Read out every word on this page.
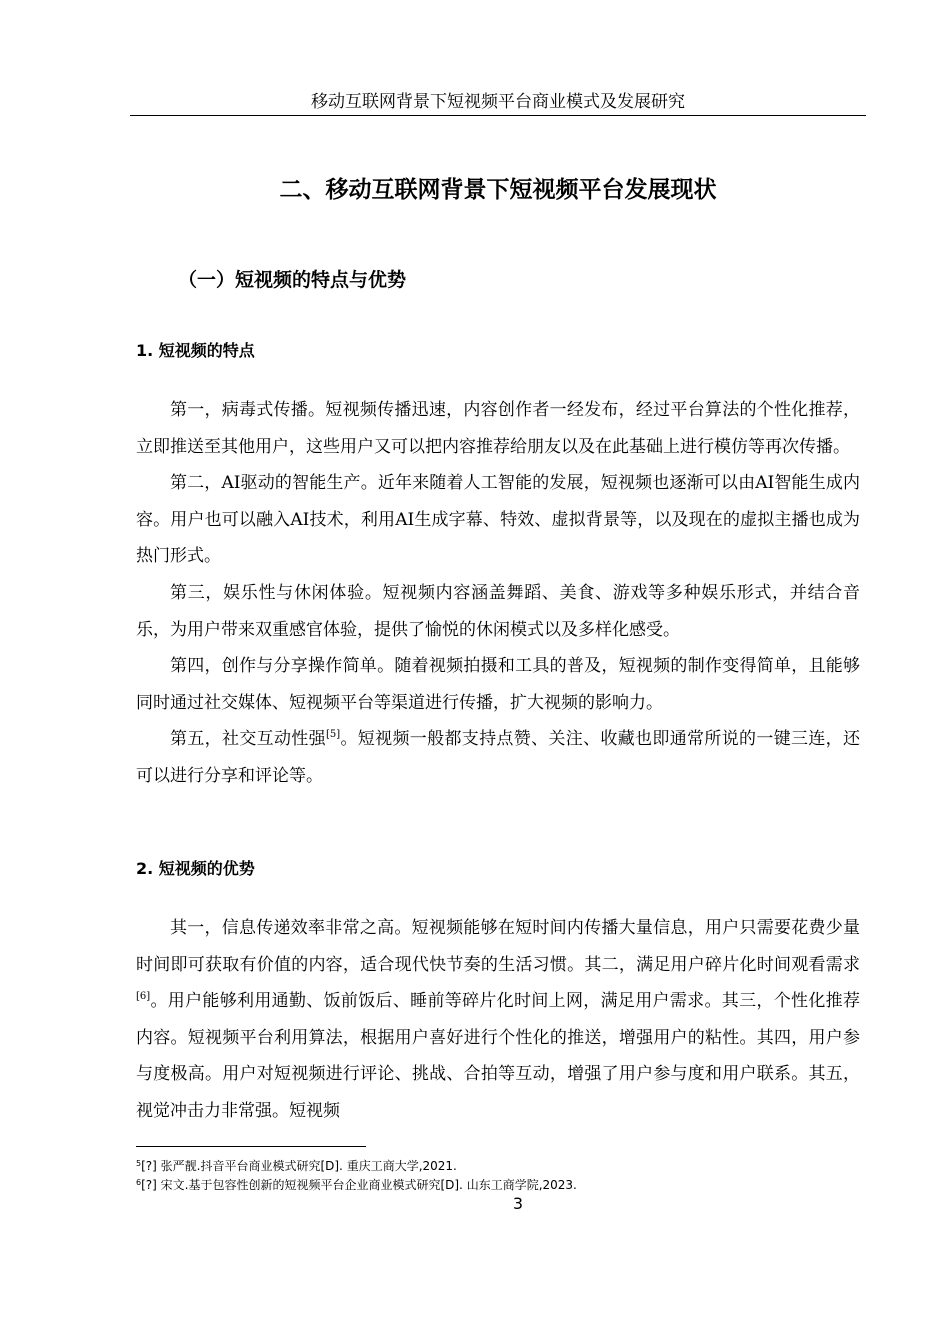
移动互联网背景下短视频平台商业模式及发展研究
二、移动互联网背景下短视频平台发展现状
（一）短视频的特点与优势
1. 短视频的特点

第一，病毒式传播。短视频传播迅速，内容创作者一经发布，经过平台算法的个性化推荐，立即推送至其他用户，这些用户又可以把内容推荐给朋友以及在此基础上进行模仿等再次传播。

第二，AI驱动的智能生产。近年来随着人工智能的发展，短视频也逐渐可以由AI智能生成内容。用户也可以融入AI技术，利用AI生成字幕、特效、虚拟背景等，以及现在的虚拟主播也成为热门形式。

第三，娱乐性与休闲体验。短视频内容涵盖舞蹈、美食、游戏等多种娱乐形式，并结合音乐，为用户带来双重感官体验，提供了愉悦的休闲模式以及多样化感受。

第四，创作与分享操作简单。随着视频拍摄和工具的普及，短视频的制作变得简单，且能够同时通过社交媒体、短视频平台等渠道进行传播，扩大视频的影响力。

第五，社交互动性强[5]。短视频一般都支持点赞、关注、收藏也即通常所说的一键三连，还可以进行分享和评论等。

2. 短视频的优势

其一，信息传递效率非常之高。短视频能够在短时间内传播大量信息，用户只需要花费少量时间即可获取有价值的内容，适合现代快节奏的生活习惯。其二，满足用户碎片化时间观看需求[6]。用户能够利用通勤、饭前饭后、睡前等碎片化时间上网，满足用户需求。其三，个性化推荐内容。短视频平台利用算法，根据用户喜好进行个性化的推送，增强用户的粘性。其四，用户参与度极高。用户对短视频进行评论、挑战、合拍等互动，增强了用户参与度和用户联系。其五，视觉冲击力非常强。短视频

$^5$[?] 张严靓.抖音平台商业模式研究[D]. 重庆工商大学,2021.
$^6$[?] 宋文.基于包容性创新的短视频平台企业商业模式研究[D]. 山东工商学院,2023.
3
